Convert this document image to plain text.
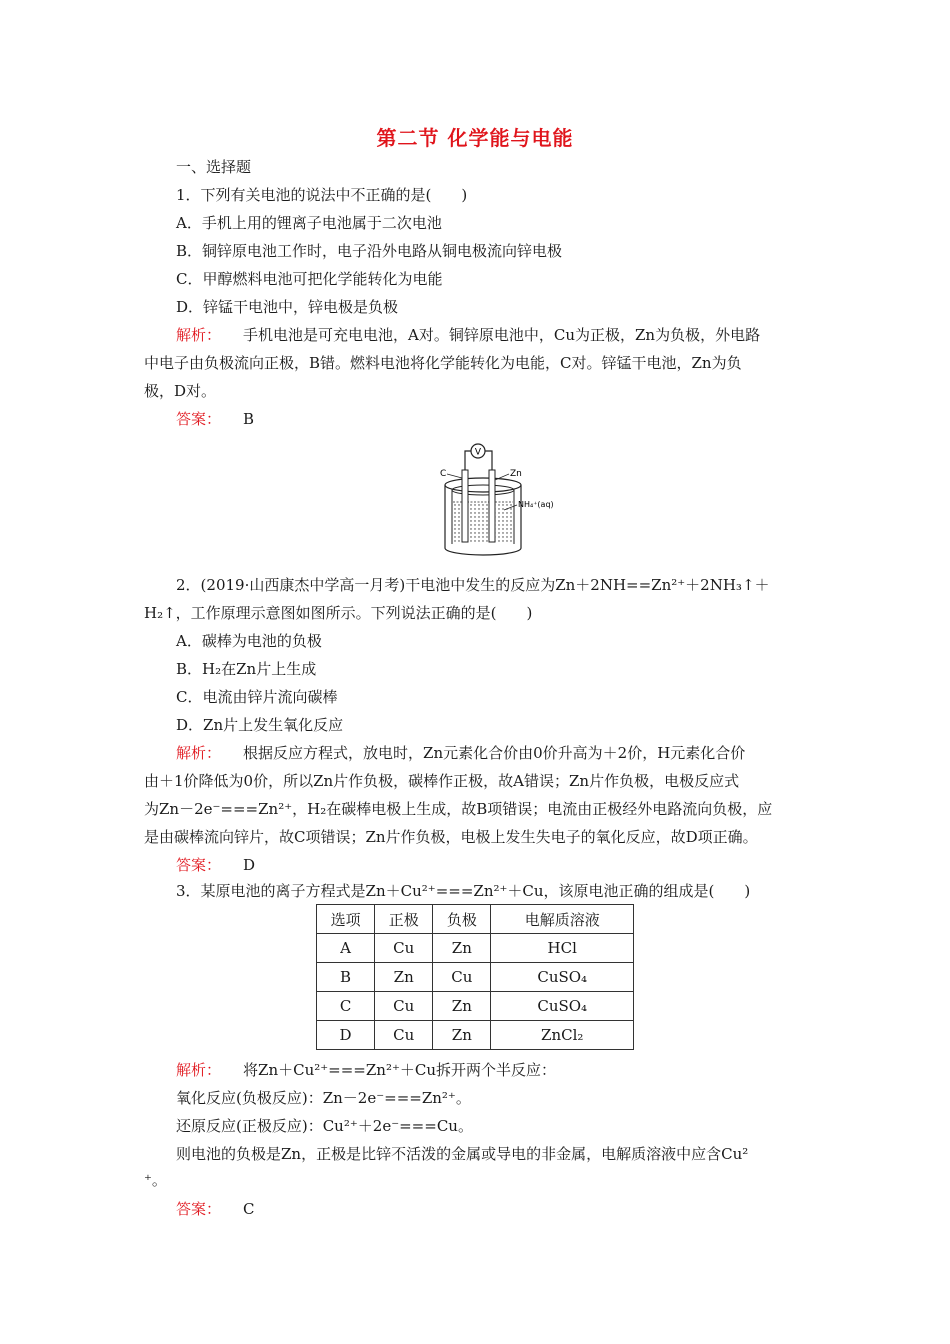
第二节 化学能与电能
一、选择题
1．下列有关电池的说法中不正确的是(　　)
A．手机上用的锂离子电池属于二次电池
B．铜锌原电池工作时，电子沿外电路从铜电极流向锌电极
C．甲醇燃料电池可把化学能转化为电能
D．锌锰干电池中，锌电极是负极
解析： 手机电池是可充电电池，A对。铜锌原电池中，Cu为正极，Zn为负极，外电路
中电子由负极流向正极，B错。燃料电池将化学能转化为电能，C对。锌锰干电池，Zn为负
极，D对。
答案： B
V
C	Zn
NH₄⁺(aq)
2．(2019·山西康杰中学高一月考)干电池中发生的反应为Zn＋2NH==Zn²⁺＋2NH₃↑＋
H₂↑，工作原理示意图如图所示。下列说法正确的是(　　)
A．碳棒为电池的负极
B．H₂在Zn片上生成
C．电流由锌片流向碳棒
D．Zn片上发生氧化反应
解析： 根据反应方程式，放电时，Zn元素化合价由0价升高为＋2价，H元素化合价
由＋1价降低为0价，所以Zn片作负极，碳棒作正极，故A错误；Zn片作负极，电极反应式
为Zn－2e⁻===Zn²⁺，H₂在碳棒电极上生成，故B项错误；电流由正极经外电路流向负极，应
是由碳棒流向锌片，故C项错误；Zn片作负极，电极上发生失电子的氧化反应，故D项正确。
答案： D
3．某原电池的离子方程式是Zn＋Cu²⁺===Zn²⁺＋Cu，该原电池正确的组成是(　　)
选项	正极	负极	电解质溶液
A	Cu	Zn	HCl
B	Zn	Cu	CuSO₄
C	Cu	Zn	CuSO₄
D	Cu	Zn	ZnCl₂
解析： 将Zn＋Cu²⁺===Zn²⁺＋Cu拆开两个半反应：
氧化反应(负极反应)：Zn－2e⁻===Zn²⁺。
还原反应(正极反应)：Cu²⁺＋2e⁻===Cu。
则电池的负极是Zn，正极是比锌不活泼的金属或导电的非金属，电解质溶液中应含Cu²
⁺。
答案： C
